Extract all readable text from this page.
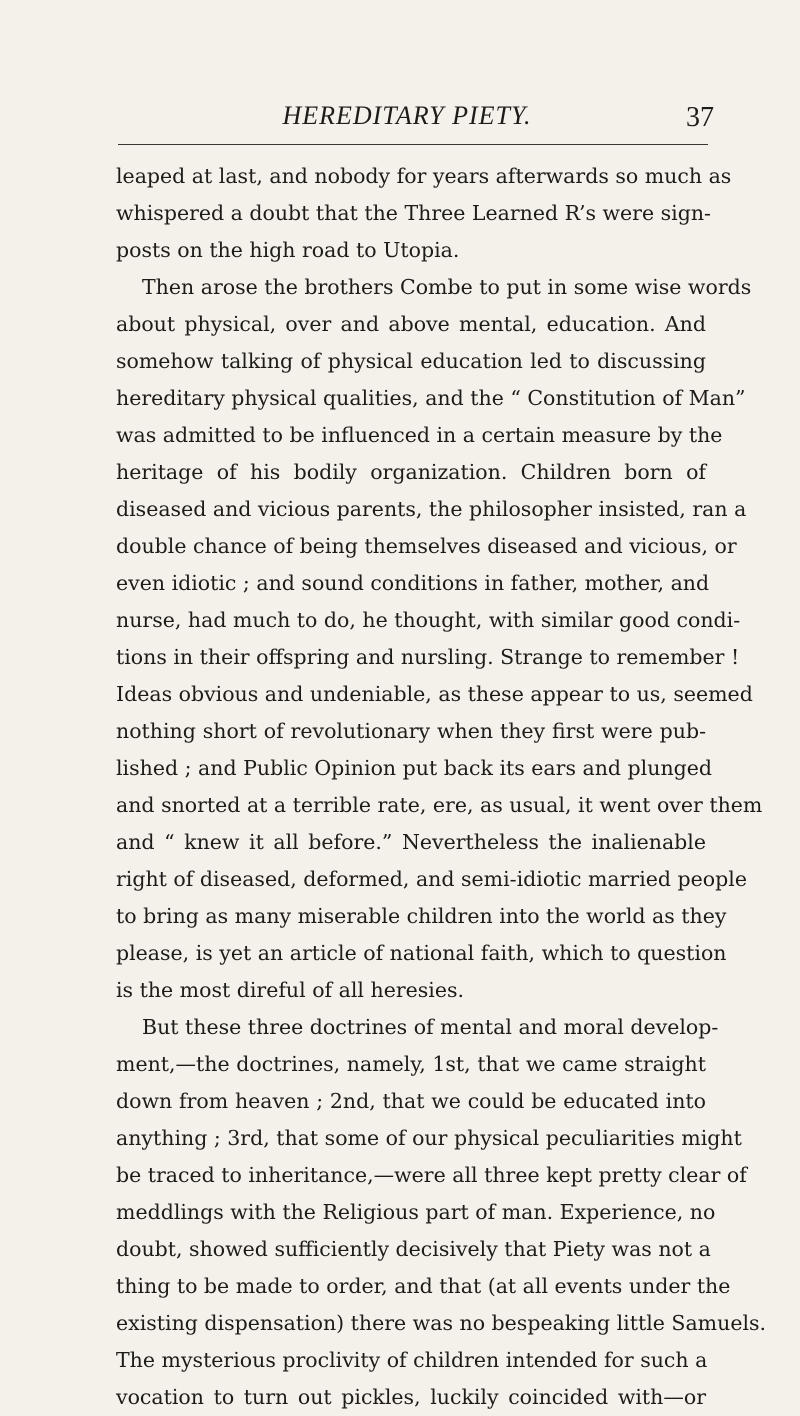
HEREDITARY PIETY.	37
leaped at last, and nobody for years afterwards so much as
whispered a doubt that the Three Learned R’s were sign-
posts on the high road to Utopia.
Then arose the brothers Combe to put in some wise words
about physical, over and above mental, education. And
somehow talking of physical education led to discussing
hereditary physical qualities, and the “ Constitution of Man”
was admitted to be influenced in a certain measure by the
heritage of his bodily organization. Children born of
diseased and vicious parents, the philosopher insisted, ran a
double chance of being themselves diseased and vicious, or
even idiotic ; and sound conditions in father, mother, and
nurse, had much to do, he thought, with similar good condi-
tions in their offspring and nursling. Strange to remember !
Ideas obvious and undeniable, as these appear to us, seemed
nothing short of revolutionary when they first were pub-
lished ; and Public Opinion put back its ears and plunged
and snorted at a terrible rate, ere, as usual, it went over them
and “ knew it all before.” Nevertheless the inalienable
right of diseased, deformed, and semi-idiotic married people
to bring as many miserable children into the world as they
please, is yet an article of national faith, which to question
is the most direful of all heresies.
But these three doctrines of mental and moral develop-
ment,—the doctrines, namely, 1st, that we came straight
down from heaven ; 2nd, that we could be educated into
anything ; 3rd, that some of our physical peculiarities might
be traced to inheritance,—were all three kept pretty clear of
meddlings with the Religious part of man. Experience, no
doubt, showed sufficiently decisively that Piety was not a
thing to be made to order, and that (at all events under the
existing dispensation) there was no bespeaking little Samuels.
The mysterious proclivity of children intended for such a
vocation to turn out pickles, luckily coincided with—or
